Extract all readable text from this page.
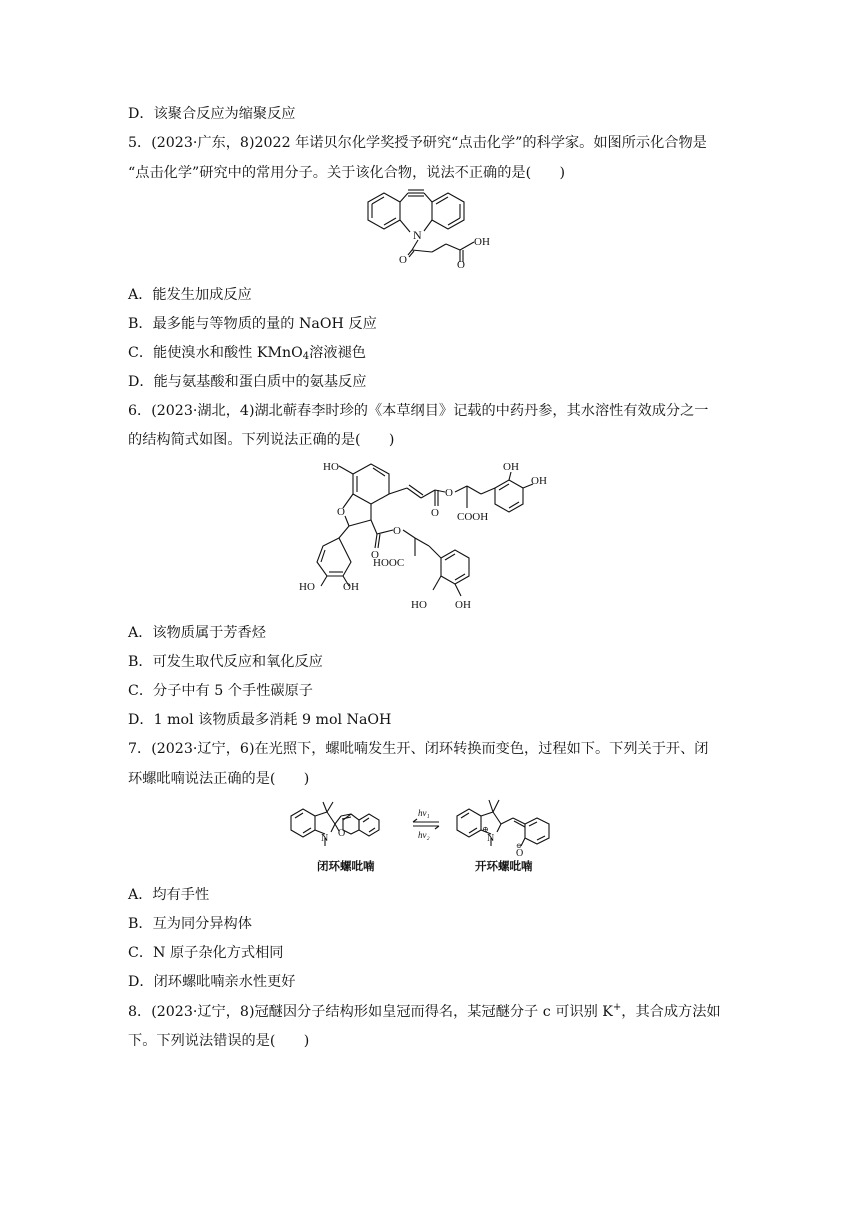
D．该聚合反应为缩聚反应
5．(2023·广东，8)2022 年诺贝尔化学奖授予研究“点击化学”的科学家。如图所示化合物是
“点击化学”研究中的常用分子。关于该化合物，说法不正确的是(　　)
N
O	O
OH
A．能发生加成反应
B．最多能与等物质的量的 NaOH 反应
C．能使溴水和酸性 KMnO$_4$溶液褪色
D．能与氨基酸和蛋白质中的氨基反应
6．(2023·湖北，4)湖北蕲春李时珍的《本草纲目》记载的中药丹参，其水溶性有效成分之一
的结构简式如图。下列说法正确的是(　　)
HO
O
O
O
OH
OH
COOH
O
O
HOOC
HO	OH
HO	OH
A．该物质属于芳香烃
B．可发生取代反应和氧化反应
C．分子中有 5 个手性碳原子
D．1 mol 该物质最多消耗 9 mol NaOH
7．(2023·辽宁，6)在光照下，螺吡喃发生开、闭环转换而变色，过程如下。下列关于开、闭
环螺吡喃说法正确的是(　　)
N O
hν₁
hν₂
⊕
N
O
⊖
闭环螺吡喃	开环螺吡喃
A．均有手性
B．互为同分异构体
C．N 原子杂化方式相同
D．闭环螺吡喃亲水性更好
8．(2023·辽宁，8)冠醚因分子结构形如皇冠而得名，某冠醚分子 c 可识别 K+，其合成方法如
下。下列说法错误的是(　　)
